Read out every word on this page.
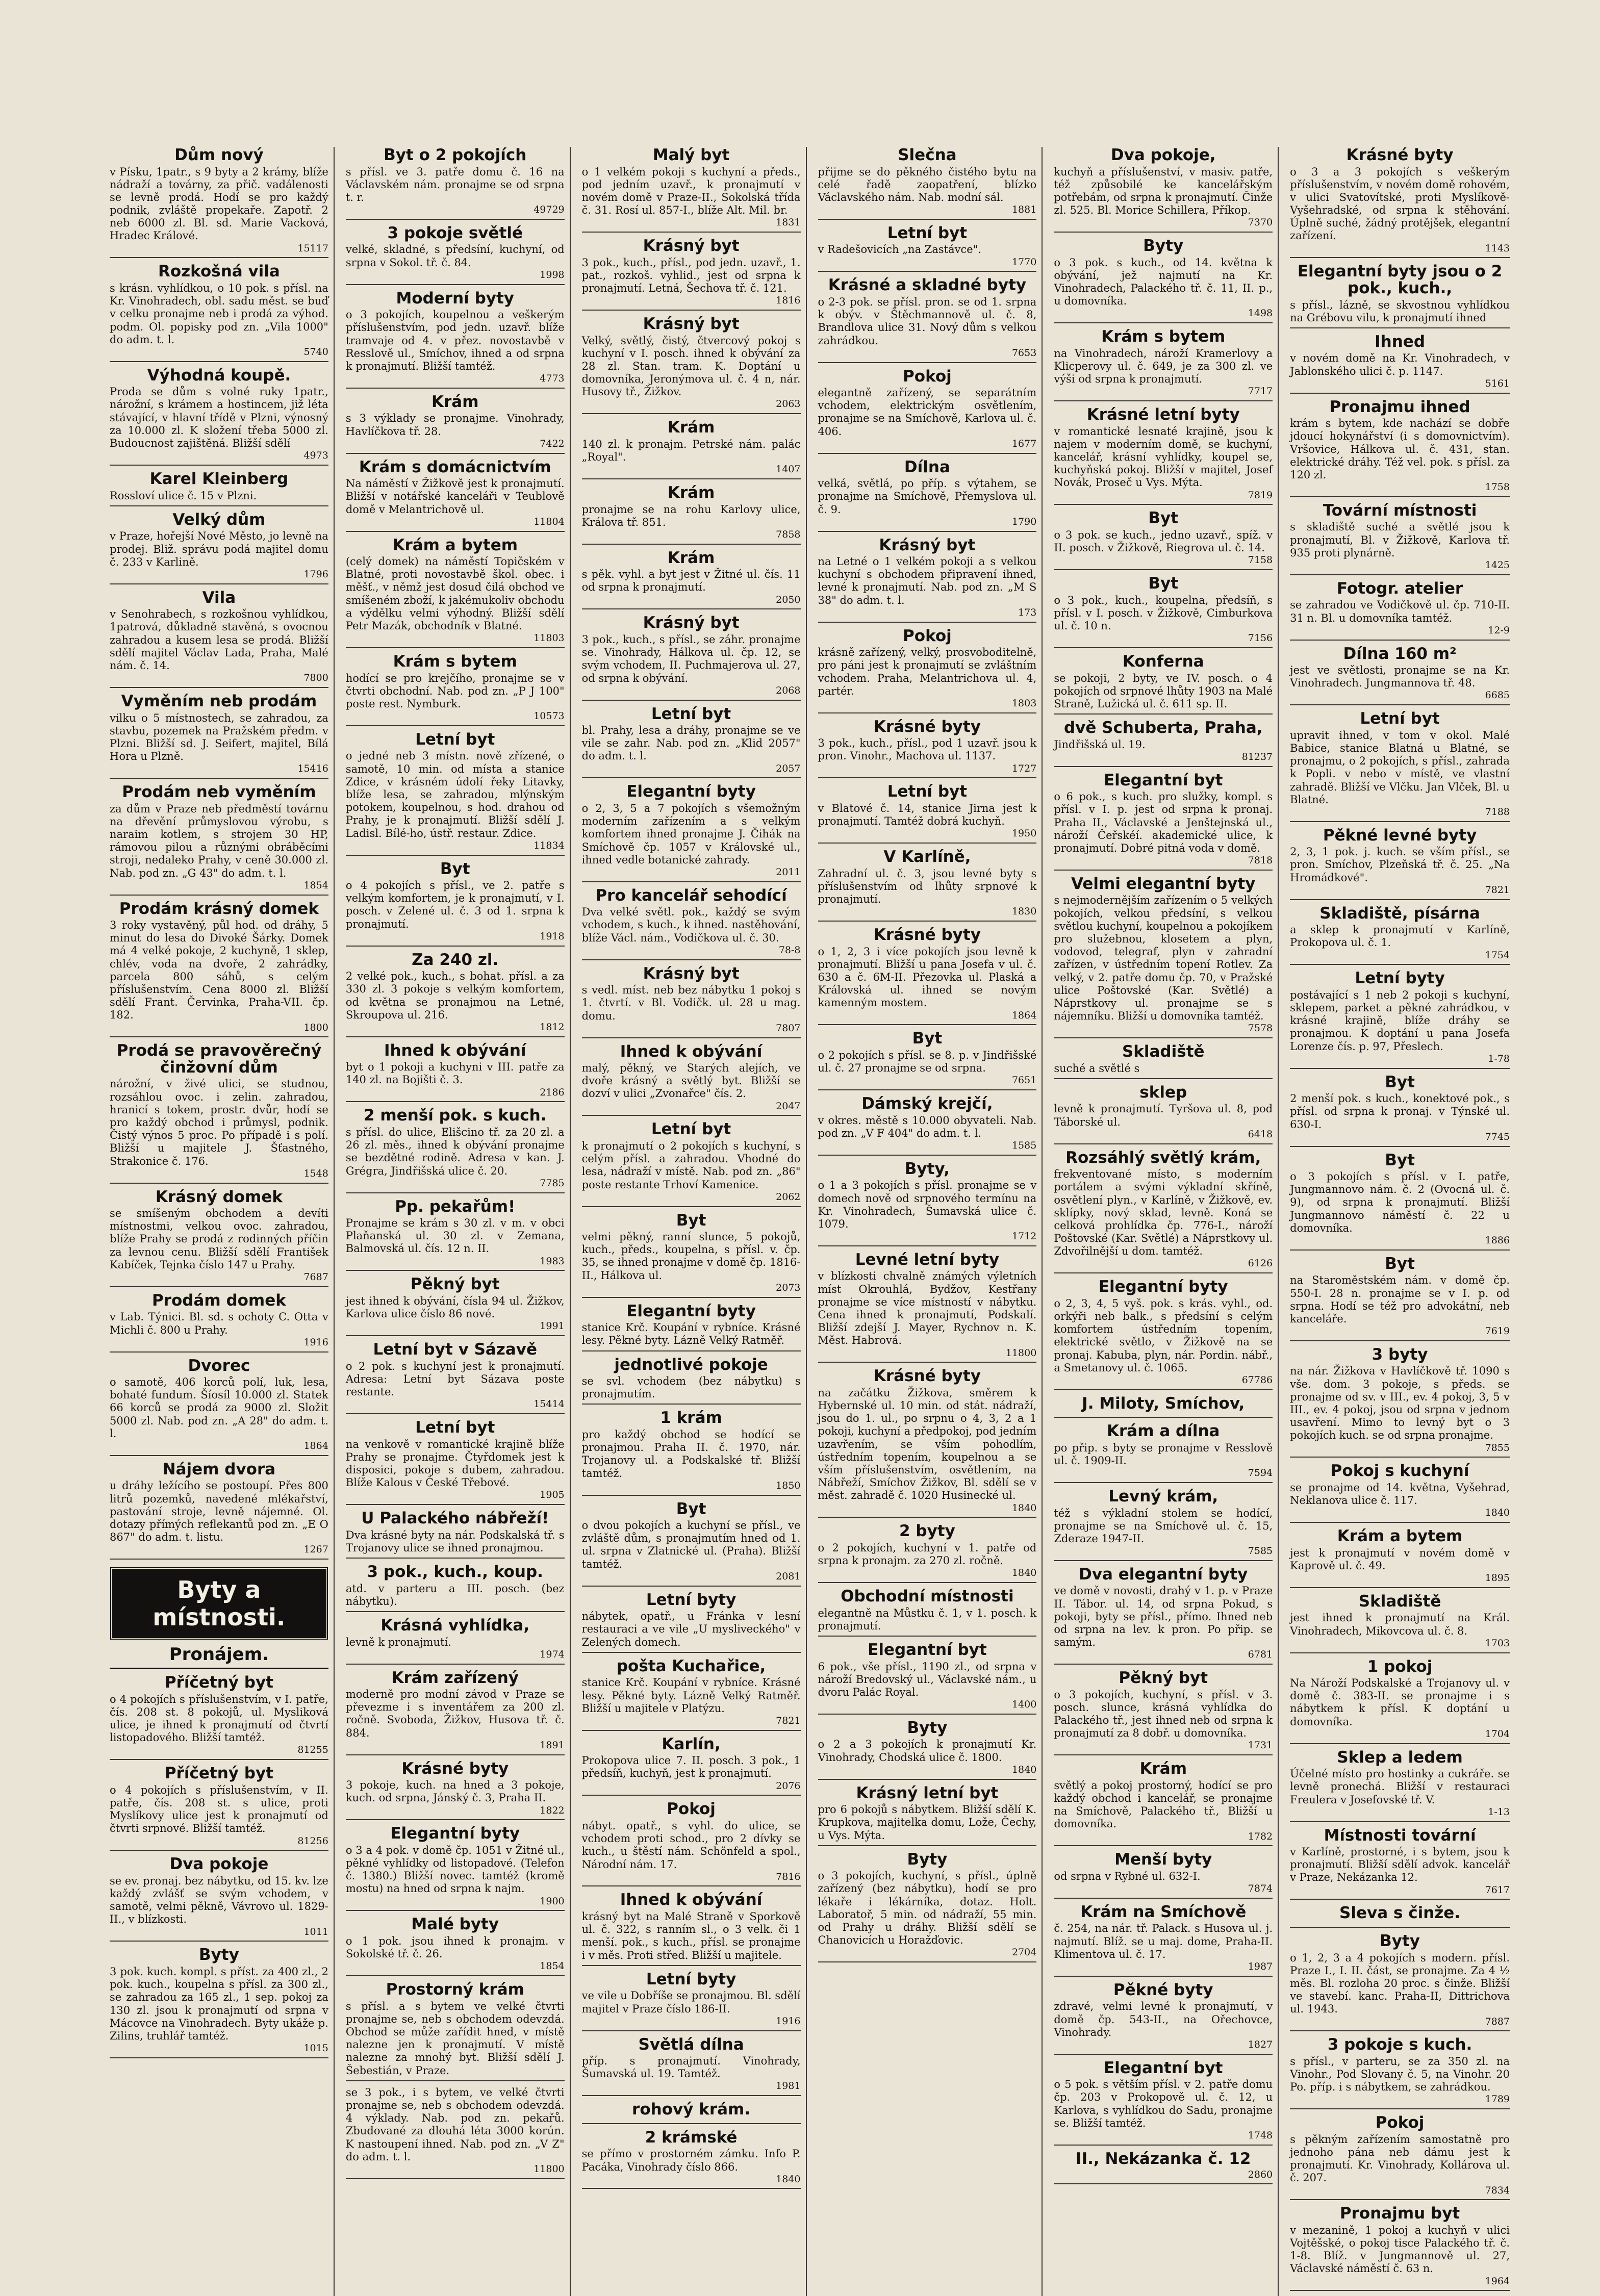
Dům nový

v Písku, 1patr., s 9 byty a 2 krámy, blíže nádraží a továrny, za přič. vadálenosti se levně prodá. Hodí se pro každý podnik, zvláště propekaře. Zapotř. 2 neb 6000 zl. Bl. sd. Marie Vacková, Hradec Králové.
15117

Rozkošná vila

s krásn. vyhlídkou, o 10 pok. s přísl. na Kr. Vinohradech, obl. sadu měst. se buď v celku pronajme neb i prodá za výhod. podm. Ol. popisky pod zn. „Vila 1000" do adm. t. l.
5740

Výhodná koupě.

Proda se dům s volné ruky 1patr., nárožní, s krámem a hostincem, již léta stávající, v hlavní třídě v Plzni, výnosný za 10.000 zl. K složení třeba 5000 zl. Budoucnost zajištěná. Bližší sdělí
4973

Karel Kleinberg

Rossloví ulice č. 15 v Plzni.

Velký dům

v Praze, hořejší Nové Město, jo levně na prodej. Bliž. správu podá majitel domu č. 233 v Karlině.
1796

Vila

v Senohrabech, s rozkošnou vyhlídkou, 1patrová, důkladně stavěná, s ovocnou zahradou a kusem lesa se prodá. Bližší sdělí majitel Václav Lada, Praha, Malé nám. č. 14.
7800

Vyměním neb prodám

vilku o 5 místnostech, se zahradou, za stavbu, pozemek na Pražském předm. v Plzni. Bližší sd. J. Seifert, majitel, Bílá Hora u Plzně.
15416

Prodám neb vyměním

za dům v Praze neb předměstí továrnu na dřevění průmyslovou výrobu, s naraim kotlem, s strojem 30 HP, rámovou pilou a různými obráběcími stroji, nedaleko Prahy, v ceně 30.000 zl. Nab. pod zn. „G 43" do adm. t. l.
1854

Prodám krásný domek

3 roky vystavěný, půl hod. od dráhy, 5 minut do lesa do Divoké Šárky. Domek má 4 velké pokoje, 2 kuchyně, 1 sklep, chlév, voda na dvoře, 2 zahrádky, parcela 800 sáhů, s celým příslušenstvím. Cena 8000 zl. Bližší sdělí Frant. Červinka, Praha-VII. čp. 182.
1800

Prodá se pravověrečný činžovní dům

nárožní, v živé ulici, se studnou, rozsáhlou ovoc. i zelin. zahradou, hranicí s tokem, prostr. dvůr, hodí se pro každý obchod i průmysl, podnik. Čistý výnos 5 proc. Po případě i s polí. Bližší u majitele J. Šťastného, Strakonice č. 176.
1548

Krásný domek

se smíšeným obchodem a devíti místnostmi, velkou ovoc. zahradou, blíže Prahy se prodá z rodinných příčin za levnou cenu. Bližší sdělí František Kabíček, Tejnka číslo 147 u Prahy.
7687

Prodám domek

v Lab. Týnici. Bl. sd. s ochoty C. Otta v Michli č. 800 u Prahy.
1916

Dvorec

o samotě, 406 korců polí, luk, lesa, bohaté fundum. Šíosíl 10.000 zl. Statek 66 korců se prodá za 9000 zl. Složit 5000 zl. Nab. pod zn. „A 28" do adm. t. l.
1864

Nájem dvora

u dráhy ležícího se postoupí. Přes 800 litrů pozemků, navedené mlékařství, pastování stroje, levně nájemné. Ol. dotazy přímých reflekantů pod zn. „E O 867" do adm. t. listu.
1267

Byty a místnosti.
Pronájem.
Příčetný byt

o 4 pokojích s příslušenstvím, v I. patře, čís. 208 st. 8 pokojů, ul. Mysliková ulice, je ihned k pronajmutí od čtvrtí listopadového. Bližší tamtéž.
81255

Příčetný byt

o 4 pokojích s příslušenstvím, v II. patře, čís. 208 st. s ulice, proti Myslíkovy ulice jest k pronajmutí od čtvrti srpnové. Bližší tamtéž.
81256

Dva pokoje

se ev. pronaj. bez nábytku, od 15. kv. lze každý zvlášť se svým vchodem, v samotě, velmi pěkně, Vávrovo ul. 1829-II., v blízkosti.
1011

Byty

3 pok. kuch. kompl. s příst. za 400 zl., 2 pok. kuch., koupelna s přísl. za 300 zl., se zahradou za 165 zl., 1 sep. pokoj za 130 zl. jsou k pronajmutí od srpna v Mácovce na Vinohradech. Byty ukáže p. Zilins, truhlář tamtéž.
1015

Byt o 2 pokojích

s přísl. ve 3. patře domu č. 16 na Václavském nám. pronajme se od srpna t. r.
49729

3 pokoje světlé

velké, skladné, s předsíní, kuchyní, od srpna v Sokol. tř. č. 84.
1998

Moderní byty

o 3 pokojích, koupelnou a veškerým příslušenstvím, pod jedn. uzavř. blíže tramvaje od 4. v přez. novostavbě v Resslově ul., Smíchov, ihned a od srpna k pronajmutí. Bližší tamtéž.
4773

Krám

s 3 výklady se pronajme. Vinohrady, Havlíčkova tř. 28.
7422

Krám s domácnictvím

Na náměstí v Žižkově jest k pronajmutí. Bližší v notářské kanceláři v Teublově domě v Melantrichově ul.
11804

Krám a bytem

(celý domek) na náměstí Topičském v Blatné, proti novostavbě škol. obec. i měšť., v němž jest dosud čilá obchod ve smíšeném zboží, k jakémukoliv obchodu a výdělku velmi výhodný. Bližší sdělí Petr Mazák, obchodník v Blatné.
11803

Krám s bytem

hodící se pro krejčího, pronajme se v čtvrti obchodní. Nab. pod zn. „P J 100" poste rest. Nymburk.
10573

Letní byt

o jedné neb 3 místn. nově zřízené, o samotě, 10 min. od místa a stanice Zdice, v krásném údolí řeky Litavky, blíže lesa, se zahradou, mlýnským potokem, koupelnou, s hod. drahou od Prahy, je k pronajmutí. Bližší sdělí J. Ladisl. Bílé-ho, ústř. restaur. Zdice.
11834

Byt

o 4 pokojích s přísl., ve 2. patře s velkým komfortem, je k pronajmutí, v I. posch. v Zelené ul. č. 3 od 1. srpna k pronajmutí.
1918

Za 240 zl.

2 velké pok., kuch., s bohat. přísl. a za 330 zl. 3 pokoje s velkým komfortem, od května se pronajmou na Letné, Skroupova ul. 216.
1812

Ihned k obývání

byt o 1 pokoji a kuchyni v III. patře za 140 zl. na Bojišti č. 3.
2186

2 menší pok. s kuch.

s přísl. do ulice, Elišcino tř. za 20 zl. a 26 zl. měs., ihned k obývání pronajme se bezdětné rodině. Adresa v kan. J. Grégra, Jindřišská ulice č. 20.
7785

Pp. pekařům!

Pronajme se krám s 30 zl. v m. v obci Plaňanská ul. 30 zl. v Zemana, Balmovská ul. čís. 12 n. II.
1983

Pěkný byt

jest ihned k obývání, čísla 94 ul. Žižkov, Karlova ulice číslo 86 nové.
1991

Letní byt v Sázavě

o 2 pok. s kuchyní jest k pronajmutí. Adresa: Letní byt Sázava poste restante.
15414

Letní byt

na venkově v romantické krajině blíže Prahy se pronajme. Čtyřdomek jest k disposici, pokoje s dubem, zahradou. Blíže Kalous v České Třebové.
1905

U Palackého nábřeží!

Dva krásné byty na nár. Podskalská tř. s Trojanovy ulice se ihned pronajmou.

3 pok., kuch., koup.

atd. v parteru a III. posch. (bez nábytku).

Krásná vyhlídka,

levně k pronajmutí.
1974

Krám zařízený

moderně pro modní závod v Praze se převezme i s inventářem za 200 zl. ročně. Svoboda, Žižkov, Husova tř. č. 884.
1891

Krásné byty

3 pokoje, kuch. na hned a 3 pokoje, kuch. od srpna, Jánský č. 3, Praha II.
1822

Elegantní byty

o 3 a 4 pok. v domě čp. 1051 v Žitné ul., pěkné vyhlídky od listopadové. (Telefon č. 1380.) Bližší novec. tamtéž (kromě mostu) na hned od srpna k najm.
1900

Malé byty

o 1 pok. jsou ihned k pronajm. v Sokolské tř. č. 26.
1854

Prostorný krám

s přísl. a s bytem ve velké čtvrti pronajme se, neb s obchodem odevzdá. Obchod se může zařídit hned, v místě nalezne jen k pronajmutí. V místě nalezne za mnohý byt. Bližší sdělí J. Šebestián, v Praze.

se 3 pok., i s bytem, ve velké čtvrti pronajme se, neb s obchodem odevzdá. 4 výklady. Nab. pod zn. pekařů. Zbudované za dlouhá léta 3000 korún. K nastoupení ihned. Nab. pod zn. „V Z" do adm. t. l.
11800

Malý byt

o 1 velkém pokoji s kuchyní a předs., pod jedním uzavř., k pronajmutí v novém domě v Praze-II., Sokolská třída č. 31. Rosí ul. 857-I., blíže Alt. Mil. br.
1831

Krásný byt

3 pok., kuch., přísl., pod jedn. uzavř., 1. pat., rozkoš. vyhlid., jest od srpna k pronajmutí. Letná, Šechova tř. č. 121.
1816

Krásný byt

Velký, světlý, čistý, čtvercový pokoj s kuchyní v I. posch. ihned k obývání za 28 zl. Stan. tram. K. Doptání u domovníka, Jeronýmova ul. č. 4 n, nár. Husovy tř., Žižkov.
2063

Krám

140 zl. k pronajm. Petrské nám. palác „Royal".
1407

Krám

pronajme se na rohu Karlovy ulice, Králova tř. 851.
7858

Krám

s pěk. vyhl. a byt jest v Žitné ul. čís. 11 od srpna k pronajmutí.
2050

Krásný byt

3 pok., kuch., s přísl., se záhr. pronajme se. Vinohrady, Hálkova ul. čp. 12, se svým vchodem, II. Puchmajerova ul. 27, od srpna k obývání.
2068

Letní byt

bl. Prahy, lesa a dráhy, pronajme se ve vile se zahr. Nab. pod zn. „Klid 2057" do adm. t. l.
2057

Elegantní byty

o 2, 3, 5 a 7 pokojích s všemožným moderním zařízením a s velkým komfortem ihned pronajme J. Čihák na Smíchově čp. 1057 v Královské ul., ihned vedle botanické zahrady.
2011

Pro kancelář sehodící

Dva velké světl. pok., každý se svým vchodem, s kuch., k ihned. nastěhování, blíže Václ. nám., Vodičkova ul. č. 30.
78-8

Krásný byt

s vedl. míst. neb bez nábytku 1 pokoj s 1. čtvrtí. v Bl. Vodičk. ul. 28 u mag. domu.
7807

Ihned k obývání

malý, pěkný, ve Starých alejích, ve dvoře krásný a světlý byt. Bližší se dozví v ulici „Zvonařce" čís. 2.
2047

Letní byt

k pronajmutí o 2 pokojích s kuchyní, s celým přísl. a zahradou. Vhodné do lesa, nádraží v místě. Nab. pod zn. „86" poste restante Trhoví Kamenice.
2062

Byt

velmi pěkný, ranní slunce, 5 pokojů, kuch., předs., koupelna, s přísl. v. čp. 35, se ihned pronajme v domě čp. 1816-II., Hálkova ul.
2073

Elegantní byty

stanice Krč. Koupání v rybníce. Krásné lesy. Pěkné byty. Lázně Velký Ratměř.

jednotlivé pokoje

se svl. vchodem (bez nábytku) s pronajmutím.

1 krám

pro každý obchod se hodící se pronajmou. Praha II. č. 1970, nár. Trojanovy ul. a Podskalské tř. Bližší tamtéž.
1850

Byt

o dvou pokojích a kuchyní se přísl., ve zvláště dům, s pronajmutím hned od 1. ul. srpna v Zlatnické ul. (Praha). Bližší tamtéž.
2081

Letní byty

nábytek, opatř., u Fránka v lesní restauraci a ve vile „U mysliveckého" v Zelených domech.

pošta Kuchařice,

stanice Krč. Koupání v rybníce. Krásné lesy. Pěkné byty. Lázně Velký Ratměř. Bližší u majitele v Platýzu.
7821

Karlín,

Prokopova ulice 7. II. posch. 3 pok., 1 předsíň, kuchyň, jest k pronajmutí.
2076

Pokoj

nábyt. opatř., s vyhl. do ulice, se vchodem proti schod., pro 2 dívky se kuch., u štěstí nám. Schönfeld a spol., Národní nám. 17.
7816

Ihned k obývání

krásný byt na Malé Straně v Sporkově ul. č. 322, s ranním sl., o 3 velk. či 1 menší. pok., s kuch., přísl. se pronajme i v měs. Proti střed. Bližší u majitele.

Letní byty

ve vile u Dobříše se pronajmou. Bl. sdělí majitel v Praze číslo 186-II.
1916

Světlá dílna

příp. s pronajmutí. Vinohrady, Šumavská ul. 19. Tamtéž.
1981

rohový krám.
2 krámské

se přímo v prostorném zámku. Info P. Pacáka, Vinohrady číslo 866.
1840

Slečna

přijme se do pěkného čistého bytu na celé řadě zaopatření, blízko Václavského nám. Nab. modní sál.
1881

Letní byt

v Radešovicích „na Zastávce".
1770

Krásné a skladné byty

o 2-3 pok. se přísl. pron. se od 1. srpna k obýv. v Štěchmannově ul. č. 8, Brandlova ulice 31. Nový dům s velkou zahrádkou.
7653

Pokoj

elegantně zařízený, se separátním vchodem, elektrickým osvětlením, pronajme se na Smíchově, Karlova ul. č. 406.
1677

Dílna

velká, světlá, po příp. s výtahem, se pronajme na Smíchově, Přemyslova ul. č. 9.
1790

Krásný byt

na Letné o 1 velkém pokoji a s velkou kuchyní s obchodem připravení ihned, levné k pronajmutí. Nab. pod zn. „M S 38" do adm. t. l.
173

Pokoj

krásně zařízený, velký, prosvoboditelně, pro páni jest k pronajmutí se zvláštním vchodem. Praha, Melantrichova ul. 4, partér.
1803

Krásné byty

3 pok., kuch., přísl., pod 1 uzavř. jsou k pron. Vinohr., Machova ul. 1137.
1727

Letní byt

v Blatové č. 14, stanice Jirna jest k pronajmutí. Tamtéž dobrá kuchyň.
1950

V Karlíně,

Zahradní ul. č. 3, jsou levné byty s příslušenstvím od lhůty srpnové k pronajmutí.
1830

Krásné byty

o 1, 2, 3 i více pokojích jsou levně k pronajmutí. Bližší u pana Josefa v ul. č. 630 a č. 6M-II. Přezovka ul. Plaská a Královská ul. ihned se novým kamenným mostem.
1864

Byt

o 2 pokojích s přísl. se 8. p. v Jindřišské ul. č. 27 pronajme se od srpna.
7651

Dámský krejčí,

v okres. městě s 10.000 obyvateli. Nab. pod zn. „V F 404" do adm. t. l.
1585

Byty,

o 1 a 3 pokojích s přísl. pronajme se v domech nově od srpnového termínu na Kr. Vinohradech, Šumavská ulice č. 1079.
1712

Levné letní byty

v blízkosti chvalně známých výletních míst Okrouhlá, Bydžov, Kestřany pronajme se více místností v nábytku. Cena ihned k pronajmutí, Podskalí. Bližší zdejší J. Mayer, Rychnov n. K. Měst. Habrová.
11800

Krásné byty

na začátku Žižkova, směrem k Hybernské ul. 10 min. od stát. nádraží, jsou do 1. ul., po srpnu o 4, 3, 2 a 1 pokoji, kuchyní a předpokoj, pod jedním uzavřením, se vším pohodlím, ústředním topením, koupelnou a se vším příslušenstvím, osvětlením, na Nábřeží, Smíchov Žižkov, Bl. sdělí se v měst. zahradě č. 1020 Husinecké ul.
1840

2 byty

o 2 pokojích, kuchyní v 1. patře od srpna k pronajm. za 270 zl. ročně.
1840

Obchodní místnosti

elegantně na Můstku č. 1, v 1. posch. k pronajmutí.

Elegantní byt

6 pok., vše přísl., 1190 zl., od srpna v nároží Bredovský ul., Václavské nám., u dvoru Palác Royal.
1400

Byty

o 2 a 3 pokojích k pronajmutí Kr. Vinohrady, Chodská ulice č. 1800.
1840

Krásný letní byt

pro 6 pokojů s nábytkem. Bližší sdělí K. Krupkova, majitelka domu, Lože, Čechy, u Vys. Mýta.

Byty

o 3 pokojích, kuchyní, s přísl., úplně zařízený (bez nábytku), hodí se pro lékaře i lékárníka, dotaz. Holt. Laboratoř, 5 min. od nádraží, 55 min. od Prahy u dráhy. Bližší sdělí se Chanovicích u Horažďovic.
2704

Dva pokoje,

kuchyň a příslušenství, v masiv. patře, též způsobilé ke kancelářským potřebám, od srpna k pronajmutí. Činže zl. 525. Bl. Morice Schillera, Příkop.
7370

Byty

o 3 pok. s kuch., od 14. května k obývání, jež najmutí na Kr. Vinohradech, Palackého tř. č. 11, II. p., u domovníka.
1498

Krám s bytem

na Vinohradech, nároží Kramerlovy a Klicperovy ul. č. 649, je za 300 zl. ve výši od srpna k pronajmutí.
7717

Krásné letní byty

v romantické lesnaté krajině, jsou k najem v moderním domě, se kuchyní, kancelář, krásní vyhlídky, koupel se, kuchyňská pokoj. Bližší v majitel, Josef Novák, Proseč u Vys. Mýta.
7819

Byt

o 3 pok. se kuch., jedno uzavř., spíž. v II. posch. v Žižkově, Riegrova ul. č. 14.
7158

Byt

o 3 pok., kuch., koupelna, předsíň, s přísl. v I. posch. v Žižkově, Cimburkova ul. č. 10 n.
7156

Konferna

se pokoji, 2 byty, ve IV. posch. o 4 pokojích od srpnové lhůty 1903 na Malé Straně, Lužická ul. č. 611 sp. II.

dvě Schuberta, Praha,

Jindřišská ul. 19.
81237

Elegantní byt

o 6 pok., s kuch. pro služky, kompl. s přísl. v I. p. jest od srpna k pronaj. Praha II., Václavské a Jenštejnská ul., nároží Čeřskéí. akademické ulice, k pronajmutí. Dobré pitná voda v domě.
7818

Velmi elegantní byty

s nejmodernějším zařízením o 5 velkých pokojích, velkou předsíní, s velkou světlou kuchyní, koupelnou a pokojíkem pro služebnou, klosetem a plyn, vodovod, telegraf, plyn v zahradní zařízen, v ústředním topení Rotlev. Za velký, v 2. patře domu čp. 70, v Pražské ulice Poštovské (Kar. Světlé) a Náprstkovy ul. pronajme se s nájemníku. Bližší u domovníka tamtéž.
7578

Skladiště

suché a světlé s

sklep

levně k pronajmutí. Tyršova ul. 8, pod Táborské ul.
6418

Rozsáhlý světlý krám,

frekventované místo, s moderním portálem a svými výkladní skříně, osvětlení plyn., v Karlíně, v Žižkově, ev. sklípky, nový sklad, levně. Koná se celková prohlídka čp. 776-I., nároží Poštovské (Kar. Světlé) a Náprstkovy ul. Zdvořilnější u dom. tamtéž.
6126

Elegantní byty

o 2, 3, 4, 5 vyš. pok. s krás. vyhl., od. orkýři neb balk., s předsíní s celým komfortem ústředním topením, elektrické světlo, v Žižkově na se pronaj. Kabuba, plyn, nár. Pordin. nábř., a Smetanovy ul. č. 1065.
67786

J. Miloty, Smíchov,
Krám a dílna

po přip. s byty se pronajme v Resslově ul. č. 1909-II.
7594

Levný krám,

též s výkladní stolem se hodící, pronajme se na Smíchově ul. č. 15, Zderaze 1947-II.
7585

Dva elegantní byty

ve domě v novosti, drahý v 1. p. v Praze II. Tábor. ul. 14, od srpna Pokud, s pokoji, byty se přísl., přímo. Ihned neb od srpna na lev. k pron. Po přip. se samým.
6781

Pěkný byt

o 3 pokojích, kuchyní, s přísl. v 3. posch. slunce, krásná vyhlídka do Palackého tř., jest ihned neb od srpna k pronajmutí za 8 dobř. u domovníka.
1731

Krám

světlý a pokoj prostorný, hodící se pro každý obchod i kancelář, se pronajme na Smíchově, Palackého tř., Bližší u domovníka.
1782

Menší byty

od srpna v Rybné ul. 632-I.
7874

Krám na Smíchově

č. 254, na nár. tř. Palack. s Husova ul. j. najmutí. Blíž. se u maj. dome, Praha-II. Klimentova ul. č. 17.
1987

Pěkné byty

zdravé, velmi levné k pronajmutí, v domě čp. 543-II., na Ořechovce, Vinohrady.
1827

Elegantní byt

o 5 pok. s větším přísl. v 2. patře domu čp. 203 v Prokopově ul. č. 12, u Karlova, s vyhlídkou do Sadu, pronajme se. Bližší tamtéž.
1748

II., Nekázanka č. 12
2860
Krásné byty

o 3 a 3 pokojích s veškerým příslušenstvím, v novém domě rohovém, v ulici Svatovítské, proti Myslíkově-Vyšehradské, od srpna k stěhování. Úplně suché, žádný protějšek, elegantní zařízení.
1143

Elegantní byty jsou o 2 pok., kuch.,

s přísl., lázně, se skvostnou vyhlídkou na Grébovu vilu, k pronajmutí ihned

Ihned

v novém domě na Kr. Vinohradech, v Jablonského ulici č. p. 1147.
5161

Pronajmu ihned

krám s bytem, kde nachází se dobře jdoucí hokynářství (i s domovnictvím). Vršovice, Hálkova ul. č. 431, stan. elektrické dráhy. Též vel. pok. s přísl. za 120 zl.
1758

Tovární místnosti

s skladiště suché a světlé jsou k pronajmutí, Bl. v Žižkově, Karlova tř. 935 proti plynárně.
1425

Fotogr. atelier

se zahradou ve Vodičkově ul. čp. 710-II. 31 n. Bl. u domovníka tamtéž.
12-9

Dílna 160 m²

jest ve světlosti, pronajme se na Kr. Vinohradech. Jungmannova tř. 48.
6685

Letní byt

upravit ihned, v tom v okol. Malé Babice, stanice Blatná u Blatné, se pronajmu, o 2 pokojích, s přísl., zahrada k Popli. v nebo v místě, ve vlastní zahradě. Bližší ve Vlčku. Jan Vlček, Bl. u Blatné.
7188

Pěkné levné byty

2, 3, 1 pok. j. kuch. se vším přísl., se pron. Smíchov, Plzeňská tř. č. 25. „Na Hromádkové".
7821

Skladiště, písárna

a sklep k pronajmutí v Karlíně, Prokopova ul. č. 1.
1754

Letní byty

postávající s 1 neb 2 pokoji s kuchyní, sklepem, parket a pěkné zahrádkou, v krásné krajině, blíže dráhy se pronajmou. K doptání u pana Josefa Lorenze čís. p. 97, Přeslech.
1-78

Byt

2 menší pok. s kuch., konektové pok., s přísl. od srpna k pronaj. v Týnské ul. 630-I.
7745

Byt

o 3 pokojích s přísl. v I. patře, Jungmannovo nám. č. 2 (Ovocná ul. č. 9), od srpna k pronajmutí. Bližší Jungmannovo náměstí č. 22 u domovníka.
1886

Byt

na Staroměstském nám. v domě čp. 550-I. 28 n. pronajme se v I. p. od srpna. Hodí se též pro advokátní, neb kanceláře.
7619

3 byty

na nár. Žižkova v Havlíčkově tř. 1090 s vše. dom. 3 pokoje, s předs. se pronajme od sv. v III., ev. 4 pokoj, 3, 5 v III., ev. 4 pokoj, jsou od srpna v jednom usavření. Mimo to levný byt o 3 pokojích kuch. se od srpna pronajme.
7855

Pokoj s kuchyní

se pronajme od 14. května, Vyšehrad, Neklanova ulice č. 117.
1840

Krám a bytem

jest k pronajmutí v novém domě v Kaprově ul. č. 49.
1895

Skladiště

jest ihned k pronajmutí na Král. Vinohradech, Mikovcova ul. č. 8.
1703

1 pokoj

Na Nároží Podskalské a Trojanovy ul. v domě č. 383-II. se pronajme i s nábytkem k přísl. K doptání u domovníka.
1704

Sklep a ledem

Účelné místo pro hostinky a cukráře. se levně pronechá. Bližší v restauraci Freulera v Josefovské tř. V.
1-13

Místnosti tovární

v Karlíně, prostorné, i s bytem, jsou k pronajmutí. Bližší sdělí advok. kancelář v Praze, Nekázanka 12.
7617

Sleva s činže.
Byty

o 1, 2, 3 a 4 pokojích s modern. přísl. Praze I., I. II. část, se pronajme. Za 4 ½ měs. Bl. rozloha 20 proc. s činže. Bližší ve stavebí. kanc. Praha-II, Dittrichova ul. 1943.
7887

3 pokoje s kuch.

s přísl., v parteru, se za 350 zl. na Vinohr., Pod Slovany č. 5, na Vinohr. 20 Po. příp. i s nábytkem, se zahrádkou.
1789

Pokoj

s pěkným zařízením samostatně pro jednoho pána neb dámu jest k pronajmutí. Kr. Vinohrady, Kollárova ul. č. 207.
7834

Pronajmu byt

v mezanině, 1 pokoj a kuchyň v ulici Vojtěšské, o pokoj tisce Palackého tř. č. 1-8. Blíž. v Jungmannově ul. 27, Václavské náměstí č. 63 n.
1964
